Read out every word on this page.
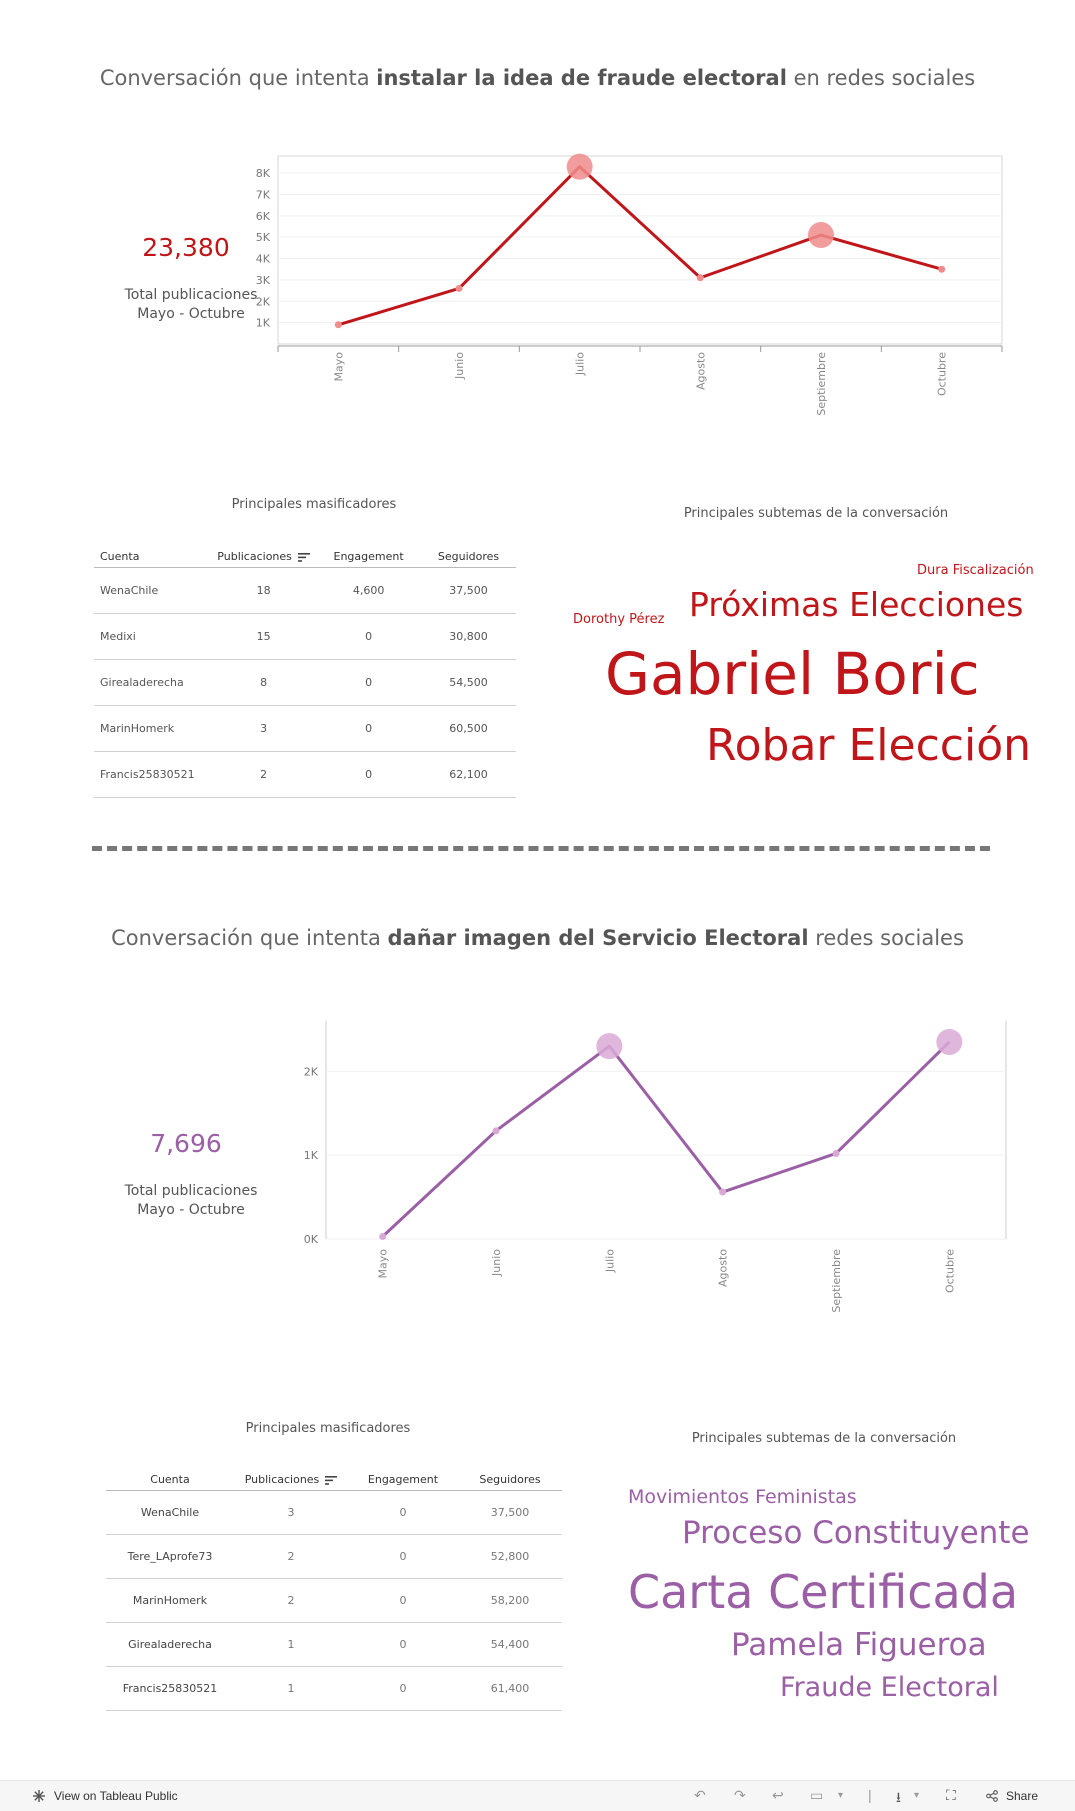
Conversación que intenta instalar la idea de fraude electoral en redes sociales
23,380
Total publicaciones
Mayo - Octubre
1K
2K
3K
4K
5K
6K
7K
8K
Mayo	Junio	Julio	Agosto	Septiembre	Octubre
Principales masificadores
Cuenta	Publicaciones	Engagement	Seguidores
WenaChile	18	4,600	37,500
Medixi	15	0	30,800
Girealaderecha	8	0	54,500
MarinHomerk	3	0	60,500
Francis25830521	2	0	62,100
Principales subtemas de la conversación
Dura Fiscalización
Próximas Elecciones
Dorothy Pérez
Gabriel Boric
Robar Elección
Conversación que intenta dañar imagen del Servicio Electoral redes sociales
7,696
Total publicaciones
Mayo - Octubre
0K
1K
2K
Mayo	Junio	Julio	Agosto	Septiembre	Octubre
Principales masificadores
Cuenta	Publicaciones	Engagement	Seguidores
WenaChile	3	0	37,500
Tere_LAprofe73	2	0	52,800
MarinHomerk	2	0	58,200
Girealaderecha	1	0	54,400
Francis25830521	1	0	61,400
Principales subtemas de la conversación
Movimientos Feministas
Proceso Constituyente
Carta Certificada
Pamela Figueroa
Fraude Electoral
View on Tableau Public	↶ ↷ ↩ ▭ ▾ | ⭳ ▾ ⛶	Share
